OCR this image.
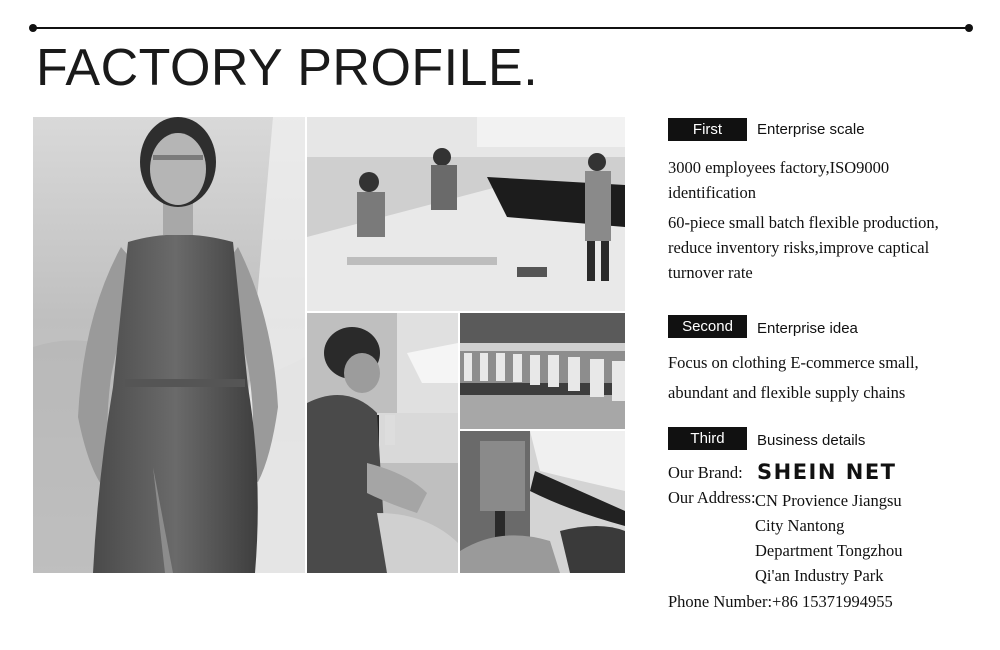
FACTORY PROFILE.
First	Enterprise scale
3000 employees factory,ISO9000
identification
60-piece small batch flexible production,
reduce inventory risks,improve captical
turnover rate
Second	Enterprise idea
Focus on clothing E-commerce small,
abundant and flexible supply chains
Third	Business details
Our Brand: SHEIN NET
Our Address: CN Provience Jiangsu
City Nantong
Department Tongzhou
Qi'an Industry Park
Phone Number:+86 15371994955
